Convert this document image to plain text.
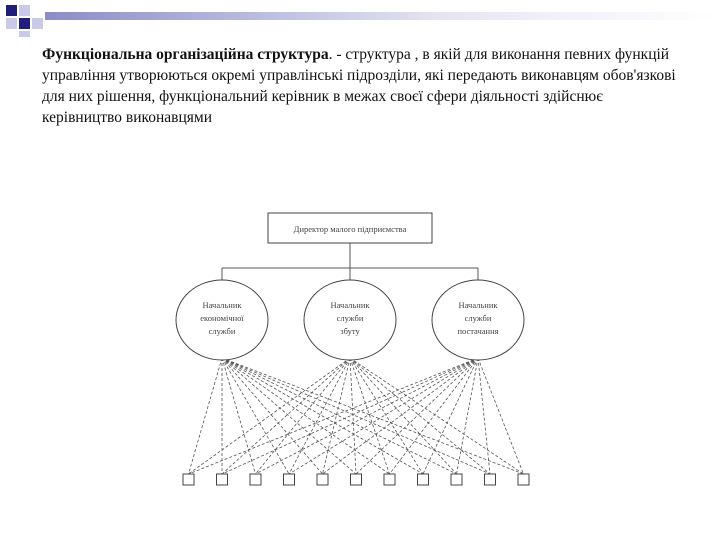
Функціональна організаційна структура. - структура , в якій для виконання певних функцій управління утворюються окремі управлінські підрозділи, які передають виконавцям обов'язкові для них рішення, функціональний керівник в межах своєї сфери діяльності здійснює керівництво виконавцями
Директор малого підприємства
Начальник
економічної
служби
Начальник
служби
збуту
Начальник
служби
постачання
